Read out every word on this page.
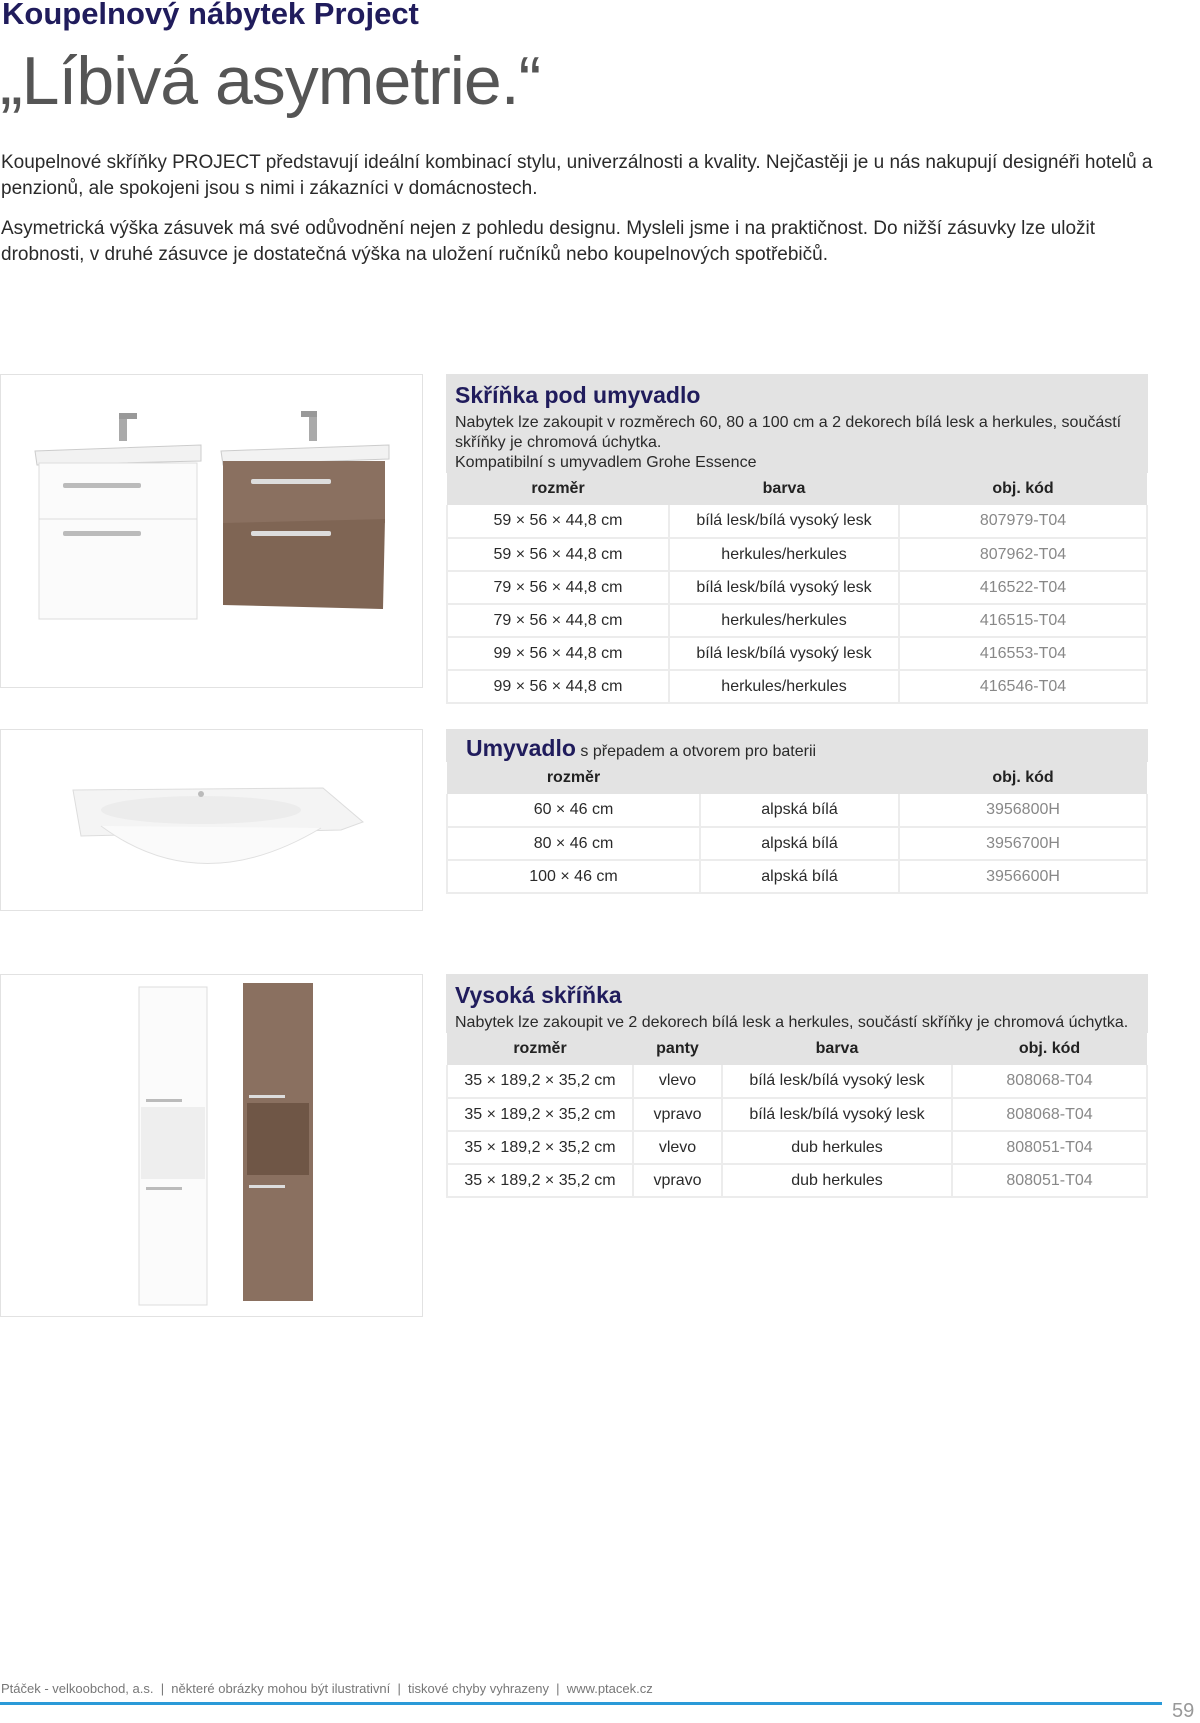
Koupelnový nábytek Project
„Líbivá asymetrie.“

Koupelnové skříňky PROJECT představují ideální kombinací stylu, univerzálnosti a kvality. Nejčastěji je u nás nakupují designéři hotelů a penzionů, ale spokojeni jsou s nimi i zákazníci v domácnostech.

Asymetrická výška zásuvek má své odůvodnění nejen z pohledu designu. Mysleli jsme i na praktičnost. Do nižší zásuvky lze uložit drobnosti, v druhé zásuvce je dostatečná výška na uložení ručníků nebo koupelnových spotřebičů.

Skříňka pod umyvadlo
Nabytek lze zakoupit v rozměrech 60, 80 a 100 cm a 2 dekorech bílá lesk a herkules, součástí skříňky je chromová úchytka.
Kompatibilní s umyvadlem Grohe Essence
rozměr	barva	obj. kód
59 × 56 × 44,8 cm	bílá lesk/bílá vysoký lesk	807979-T04
59 × 56 × 44,8 cm	herkules/herkules	807962-T04
79 × 56 × 44,8 cm	bílá lesk/bílá vysoký lesk	416522-T04
79 × 56 × 44,8 cm	herkules/herkules	416515-T04
99 × 56 × 44,8 cm	bílá lesk/bílá vysoký lesk	416553-T04
99 × 56 × 44,8 cm	herkules/herkules	416546-T04
Umyvadlo s přepadem a otvorem pro baterii
rozměr		obj. kód
60 × 46 cm	alpská bílá	3956800H
80 × 46 cm	alpská bílá	3956700H
100 × 46 cm	alpská bílá	3956600H
Vysoká skříňka
Nabytek lze zakoupit ve 2 dekorech bílá lesk a herkules, součástí skříňky je chromová úchytka.
rozměr	panty	barva	obj. kód
35 × 189,2 × 35,2 cm	vlevo	bílá lesk/bílá vysoký lesk	808068-T04
35 × 189,2 × 35,2 cm	vpravo	bílá lesk/bílá vysoký lesk	808068-T04
35 × 189,2 × 35,2 cm	vlevo	dub herkules	808051-T04
35 × 189,2 × 35,2 cm	vpravo	dub herkules	808051-T04
Ptáček - velkoobchod, a.s.  |  některé obrázky mohou být ilustrativní  |  tiskové chyby vyhrazeny  |  www.ptacek.cz
59
